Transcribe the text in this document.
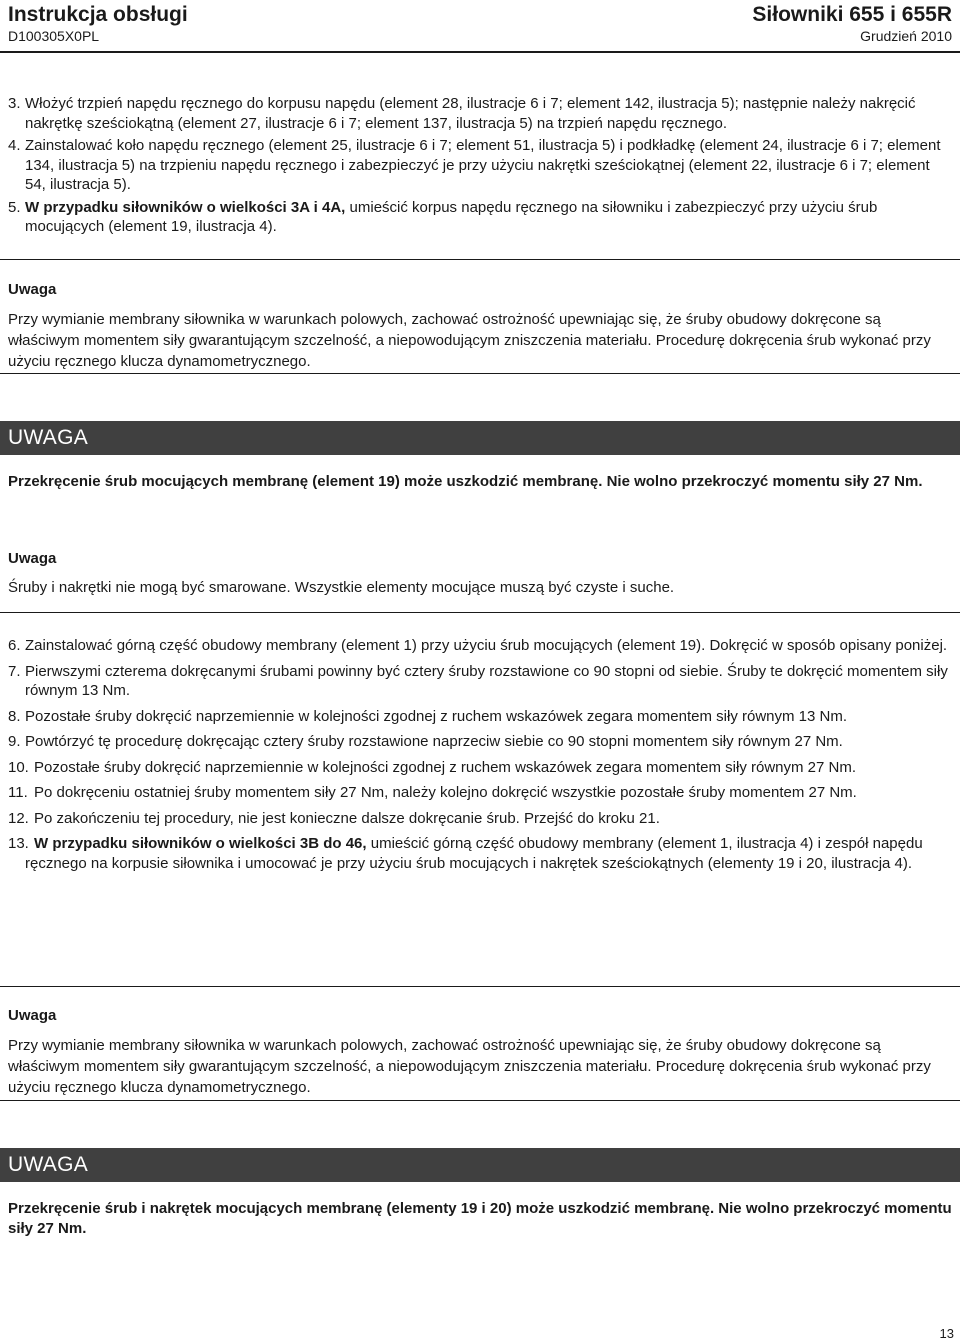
Instrukcja obsługi
D100305X0PL
Siłowniki 655 i 655R
Grudzień 2010
3. Włożyć trzpień napędu ręcznego do korpusu napędu (element 28, ilustracje 6 i 7; element 142, ilustracja 5); następnie należy nakręcić nakrętkę sześciokątną (element 27, ilustracje 6 i 7; element 137, ilustracja 5) na trzpień napędu ręcznego.
4. Zainstalować koło napędu ręcznego (element 25, ilustracje 6 i 7; element 51, ilustracja 5) i podkładkę (element 24, ilustracje 6 i 7; element 134, ilustracja 5) na trzpieniu napędu ręcznego i zabezpieczyć je przy użyciu nakrętki sześciokątnej (element 22, ilustracje 6 i 7; element 54, ilustracja 5).
5. W przypadku siłowników o wielkości 3A i 4A, umieścić korpus napędu ręcznego na siłowniku i zabezpieczyć przy użyciu śrub mocujących (element 19, ilustracja 4).
Uwaga
Przy wymianie membrany siłownika w warunkach polowych, zachować ostrożność upewniając się, że śruby obudowy dokręcone są właściwym momentem siły gwarantującym szczelność, a niepowodującym zniszczenia materiału. Procedurę dokręcenia śrub wykonać przy użyciu ręcznego klucza dynamometrycznego.
UWAGA
Przekręcenie śrub mocujących membranę (element 19) może uszkodzić membranę. Nie wolno przekroczyć momentu siły 27 Nm.
Uwaga
Śruby i nakrętki nie mogą być smarowane. Wszystkie elementy mocujące muszą być czyste i suche.
6. Zainstalować górną część obudowy membrany (element 1) przy użyciu śrub mocujących (element 19). Dokręcić w sposób opisany poniżej.
7. Pierwszymi czterema dokręcanymi śrubami powinny być cztery śruby rozstawione co 90 stopni od siebie. Śruby te dokręcić momentem siły równym 13 Nm.
8. Pozostałe śruby dokręcić naprzemiennie w kolejności zgodnej z ruchem wskazówek zegara momentem siły równym 13 Nm.
9. Powtórzyć tę procedurę dokręcając cztery śruby rozstawione naprzeciw siebie co 90 stopni momentem siły równym 27 Nm.
10. Pozostałe śruby dokręcić naprzemiennie w kolejności zgodnej z ruchem wskazówek zegara momentem siły równym 27 Nm.
11. Po dokręceniu ostatniej śruby momentem siły 27 Nm, należy kolejno dokręcić wszystkie pozostałe śruby momentem 27 Nm.
12. Po zakończeniu tej procedury, nie jest konieczne dalsze dokręcanie śrub. Przejść do kroku 21.
13. W przypadku siłowników o wielkości 3B do 46, umieścić górną część obudowy membrany (element 1, ilustracja 4) i zespół napędu ręcznego na korpusie siłownika i umocować je przy użyciu śrub mocujących i nakrętek sześciokątnych (elementy 19 i 20, ilustracja 4).
Uwaga
Przy wymianie membrany siłownika w warunkach polowych, zachować ostrożność upewniając się, że śruby obudowy dokręcone są właściwym momentem siły gwarantującym szczelność, a niepowodującym zniszczenia materiału. Procedurę dokręcenia śrub wykonać przy użyciu ręcznego klucza dynamometrycznego.
UWAGA
Przekręcenie śrub i nakrętek mocujących membranę (elementy 19 i 20) może uszkodzić membranę. Nie wolno przekroczyć momentu siły 27 Nm.
13
